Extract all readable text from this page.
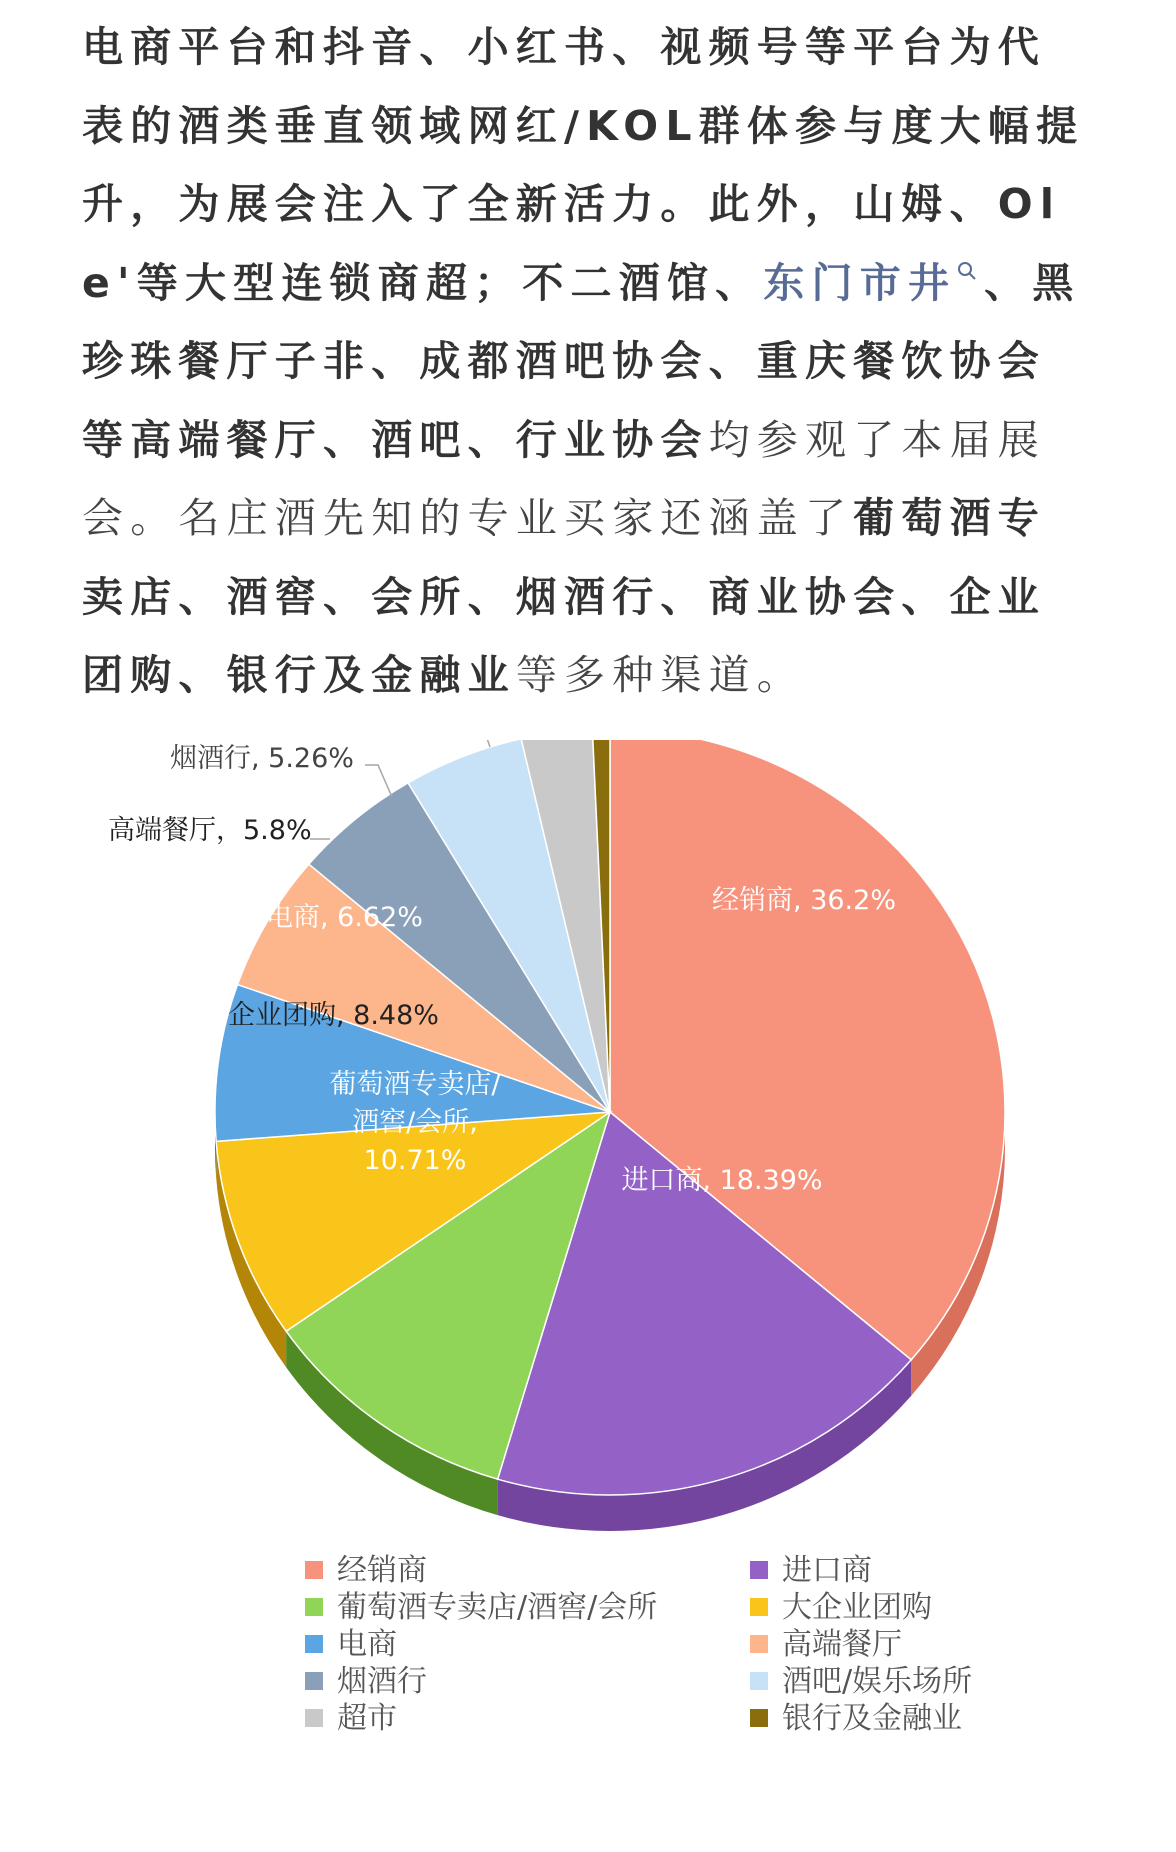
电商平台和抖音、小红书、视频号等平台为代表的酒类垂直领域网红/KOL群体参与度大幅提升，为展会注入了全新活力。此外，山姆、Ole'等大型连锁商超；不二酒馆、东门市井 、黑珍珠餐厅子非、成都酒吧协会、重庆餐饮协会等高端餐厅、酒吧、行业协会均参观了本届展会。名庄酒先知的专业买家还涵盖了葡萄酒专卖店、酒窖、会所、烟酒行、商业协会、企业团购、银行及金融业等多种渠道。

经销商, 36.2%
进口商, 18.39%
葡萄酒专卖店/酒窖/会所, 10.71%
企业团购, 8.48%
电商, 6.62%
高端餐厅，5.8%
烟酒行, 5.26%
经销商	进口商
葡萄酒专卖店/酒窖/会所	大企业团购
电商	高端餐厅
烟酒行	酒吧/娱乐场所
超市	银行及金融业
